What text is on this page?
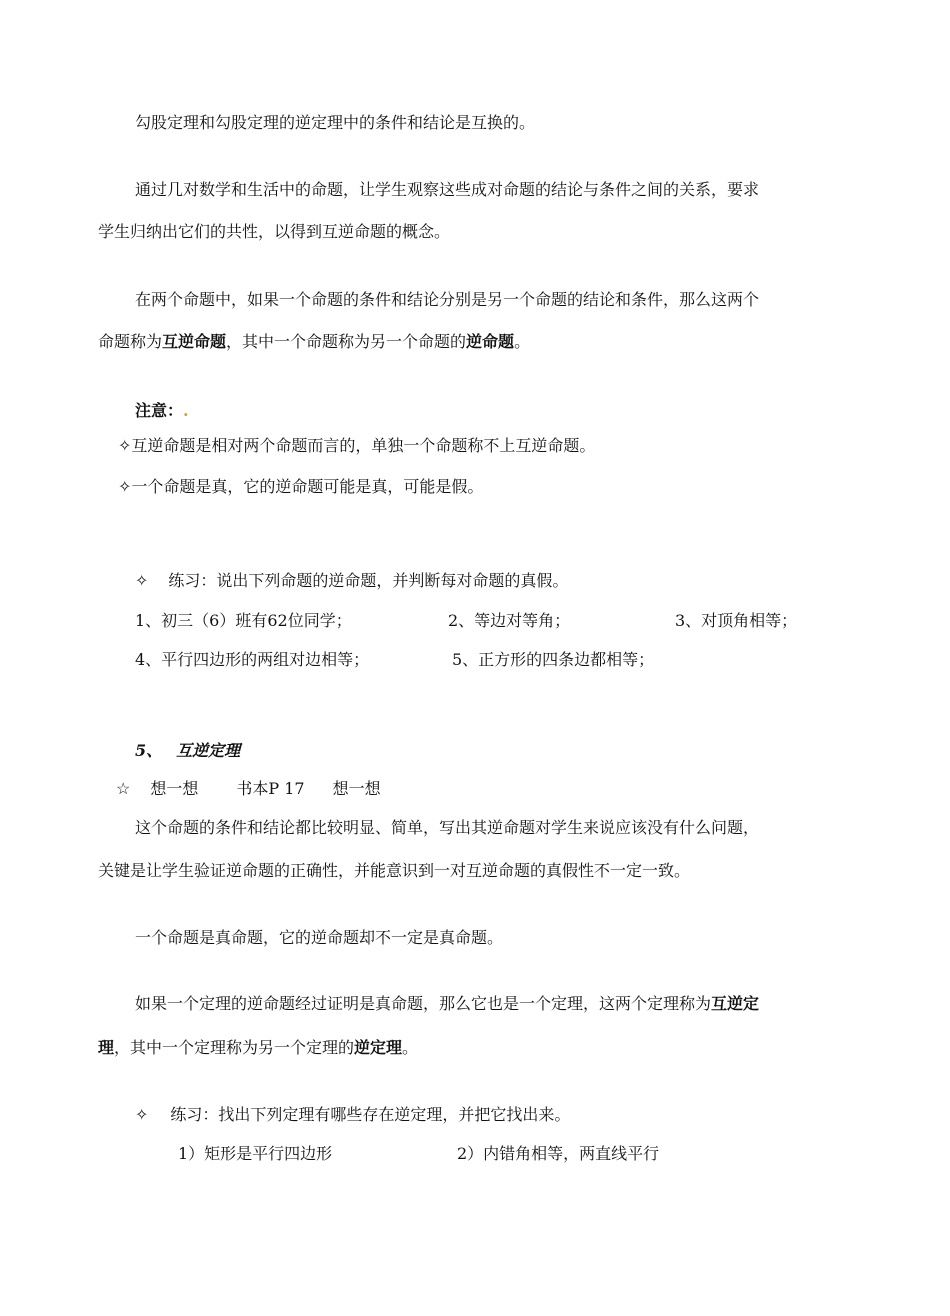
勾股定理和勾股定理的逆定理中的条件和结论是互换的。
通过几对数学和生活中的命题，让学生观察这些成对命题的结论与条件之间的关系，要求
学生归纳出它们的共性，以得到互逆命题的概念。
在两个命题中，如果一个命题的条件和结论分别是另一个命题的结论和条件，那么这两个
命题称为互逆命题，其中一个命题称为另一个命题的逆命题。
注意：.
✧互逆命题是相对两个命题而言的，单独一个命题称不上互逆命题。
✧一个命题是真，它的逆命题可能是真，可能是假。
✧ 练习：说出下列命题的逆命题，并判断每对命题的真假。
1、初三（6）班有62位同学；	2、等边对等角；	3、对顶角相等；
4、平行四边形的两组对边相等；	5、正方形的四条边都相等；
5、 互逆定理
☆ 想一想 书本P 17 想一想
这个命题的条件和结论都比较明显、简单，写出其逆命题对学生来说应该没有什么问题，
关键是让学生验证逆命题的正确性，并能意识到一对互逆命题的真假性不一定一致。
一个命题是真命题，它的逆命题却不一定是真命题。
如果一个定理的逆命题经过证明是真命题，那么它也是一个定理，这两个定理称为互逆定
理，其中一个定理称为另一个定理的逆定理。
✧ 练习：找出下列定理有哪些存在逆定理，并把它找出来。
1）矩形是平行四边形	2）内错角相等，两直线平行
